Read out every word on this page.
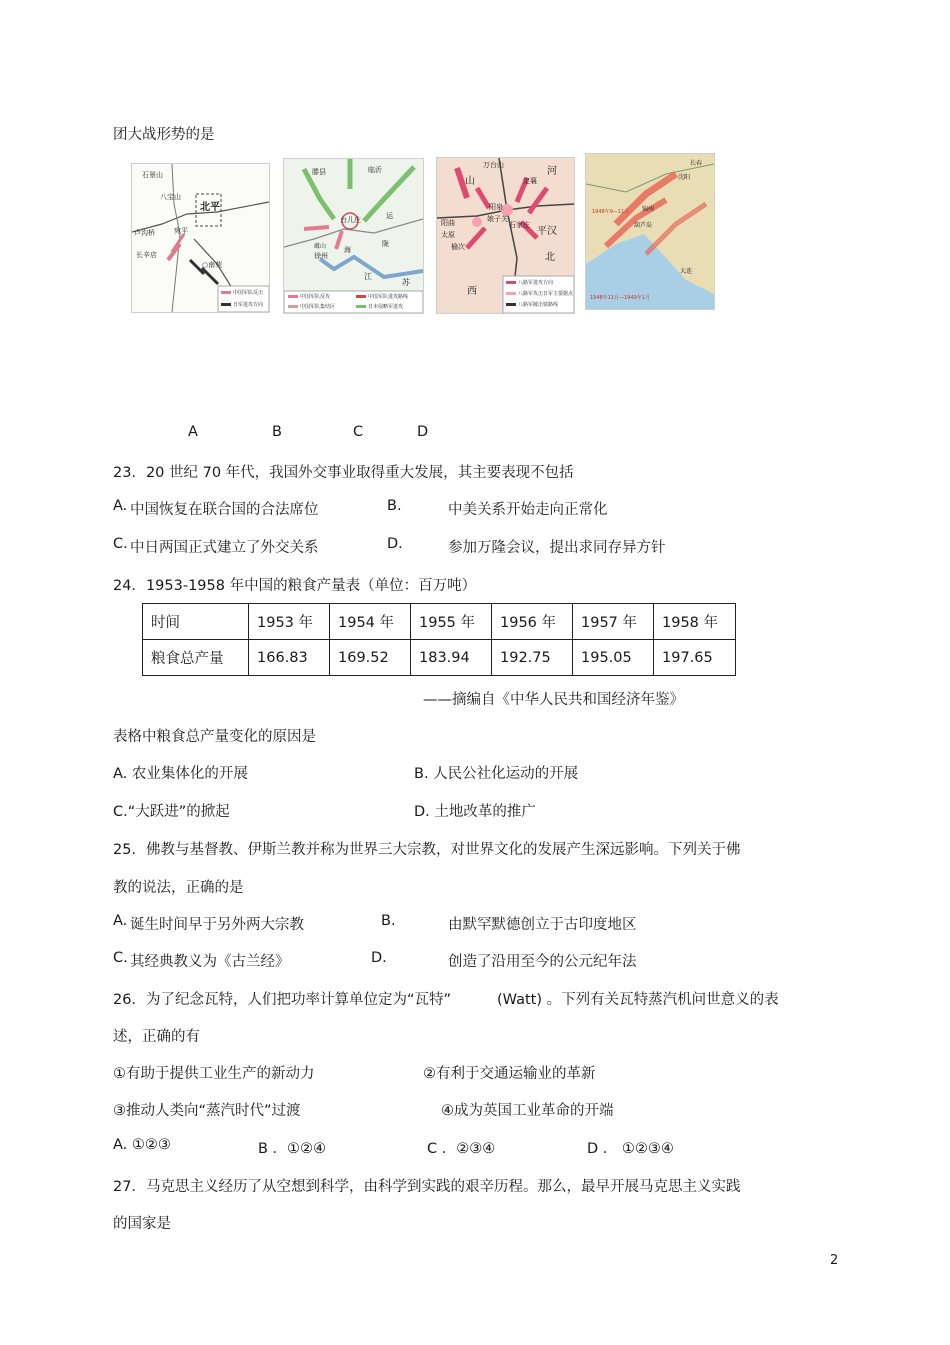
团大战形势的是
石景山
八宝山
卢沟桥
长辛店
宛平
北平
○南苑
中国军队反击
日军进攻方向
滕县	临沂
台儿庄
徐州
运
陇
海
江
苏
蕴山
中国军队反攻
中国军队集结区
中国军队进攻路线
日本侵略军进攻
山
万台山
阳泉
娘子关
石家庄
平汉
阳曲
太原
榆次
西
北
河
定襄
八路军进攻方向
八路军攻击日军主要据点
八路军破击铁路线
沈阳
锦州
长春
大连
葫芦岛
1948年9—11月
1948年11月—1949年1月
A	B	C	D
23．20 世纪 70 年代，我国外交事业取得重大发展，其主要表现不包括
A. 中国恢复在联合国的合法席位	B.	中美关系开始走向正常化
C. 中日两国正式建立了外交关系	D.	参加万隆会议，提出求同存异方针
24．1953-1958 年中国的粮食产量表（单位：百万吨）
时间	1953 年	1954 年	1955 年	1956 年	1957 年	1958 年
粮食总产量	166.83	169.52	183.94	192.75	195.05	197.65
——摘编自《中华人民共和国经济年鉴》
表格中粮食总产量变化的原因是
A. 农业集体化的开展	B. 人民公社化运动的开展
C.“大跃进”的掀起	D. 土地改革的推广
25．佛教与基督教、伊斯兰教并称为世界三大宗教，对世界文化的发展产生深远影响。下列关于佛
教的说法，正确的是
A. 诞生时间早于另外两大宗教	B.	由默罕默德创立于古印度地区
C. 其经典教义为《古兰经》	D.	创造了沿用至今的公元纪年法
26．为了纪念瓦特，人们把功率计算单位定为“瓦特”	(Watt) 。下列有关瓦特蒸汽机问世意义的表
述，正确的有
①有助于提供工业生产的新动力	②有利于交通运输业的革新
③推动人类向“蒸汽时代”过渡	④成为英国工业革命的开端
A. ①②③	B ．①②④	C ．②③④	D ． ①②③④
27．马克思主义经历了从空想到科学，由科学到实践的艰辛历程。那么，最早开展马克思主义实践
的国家是
2
